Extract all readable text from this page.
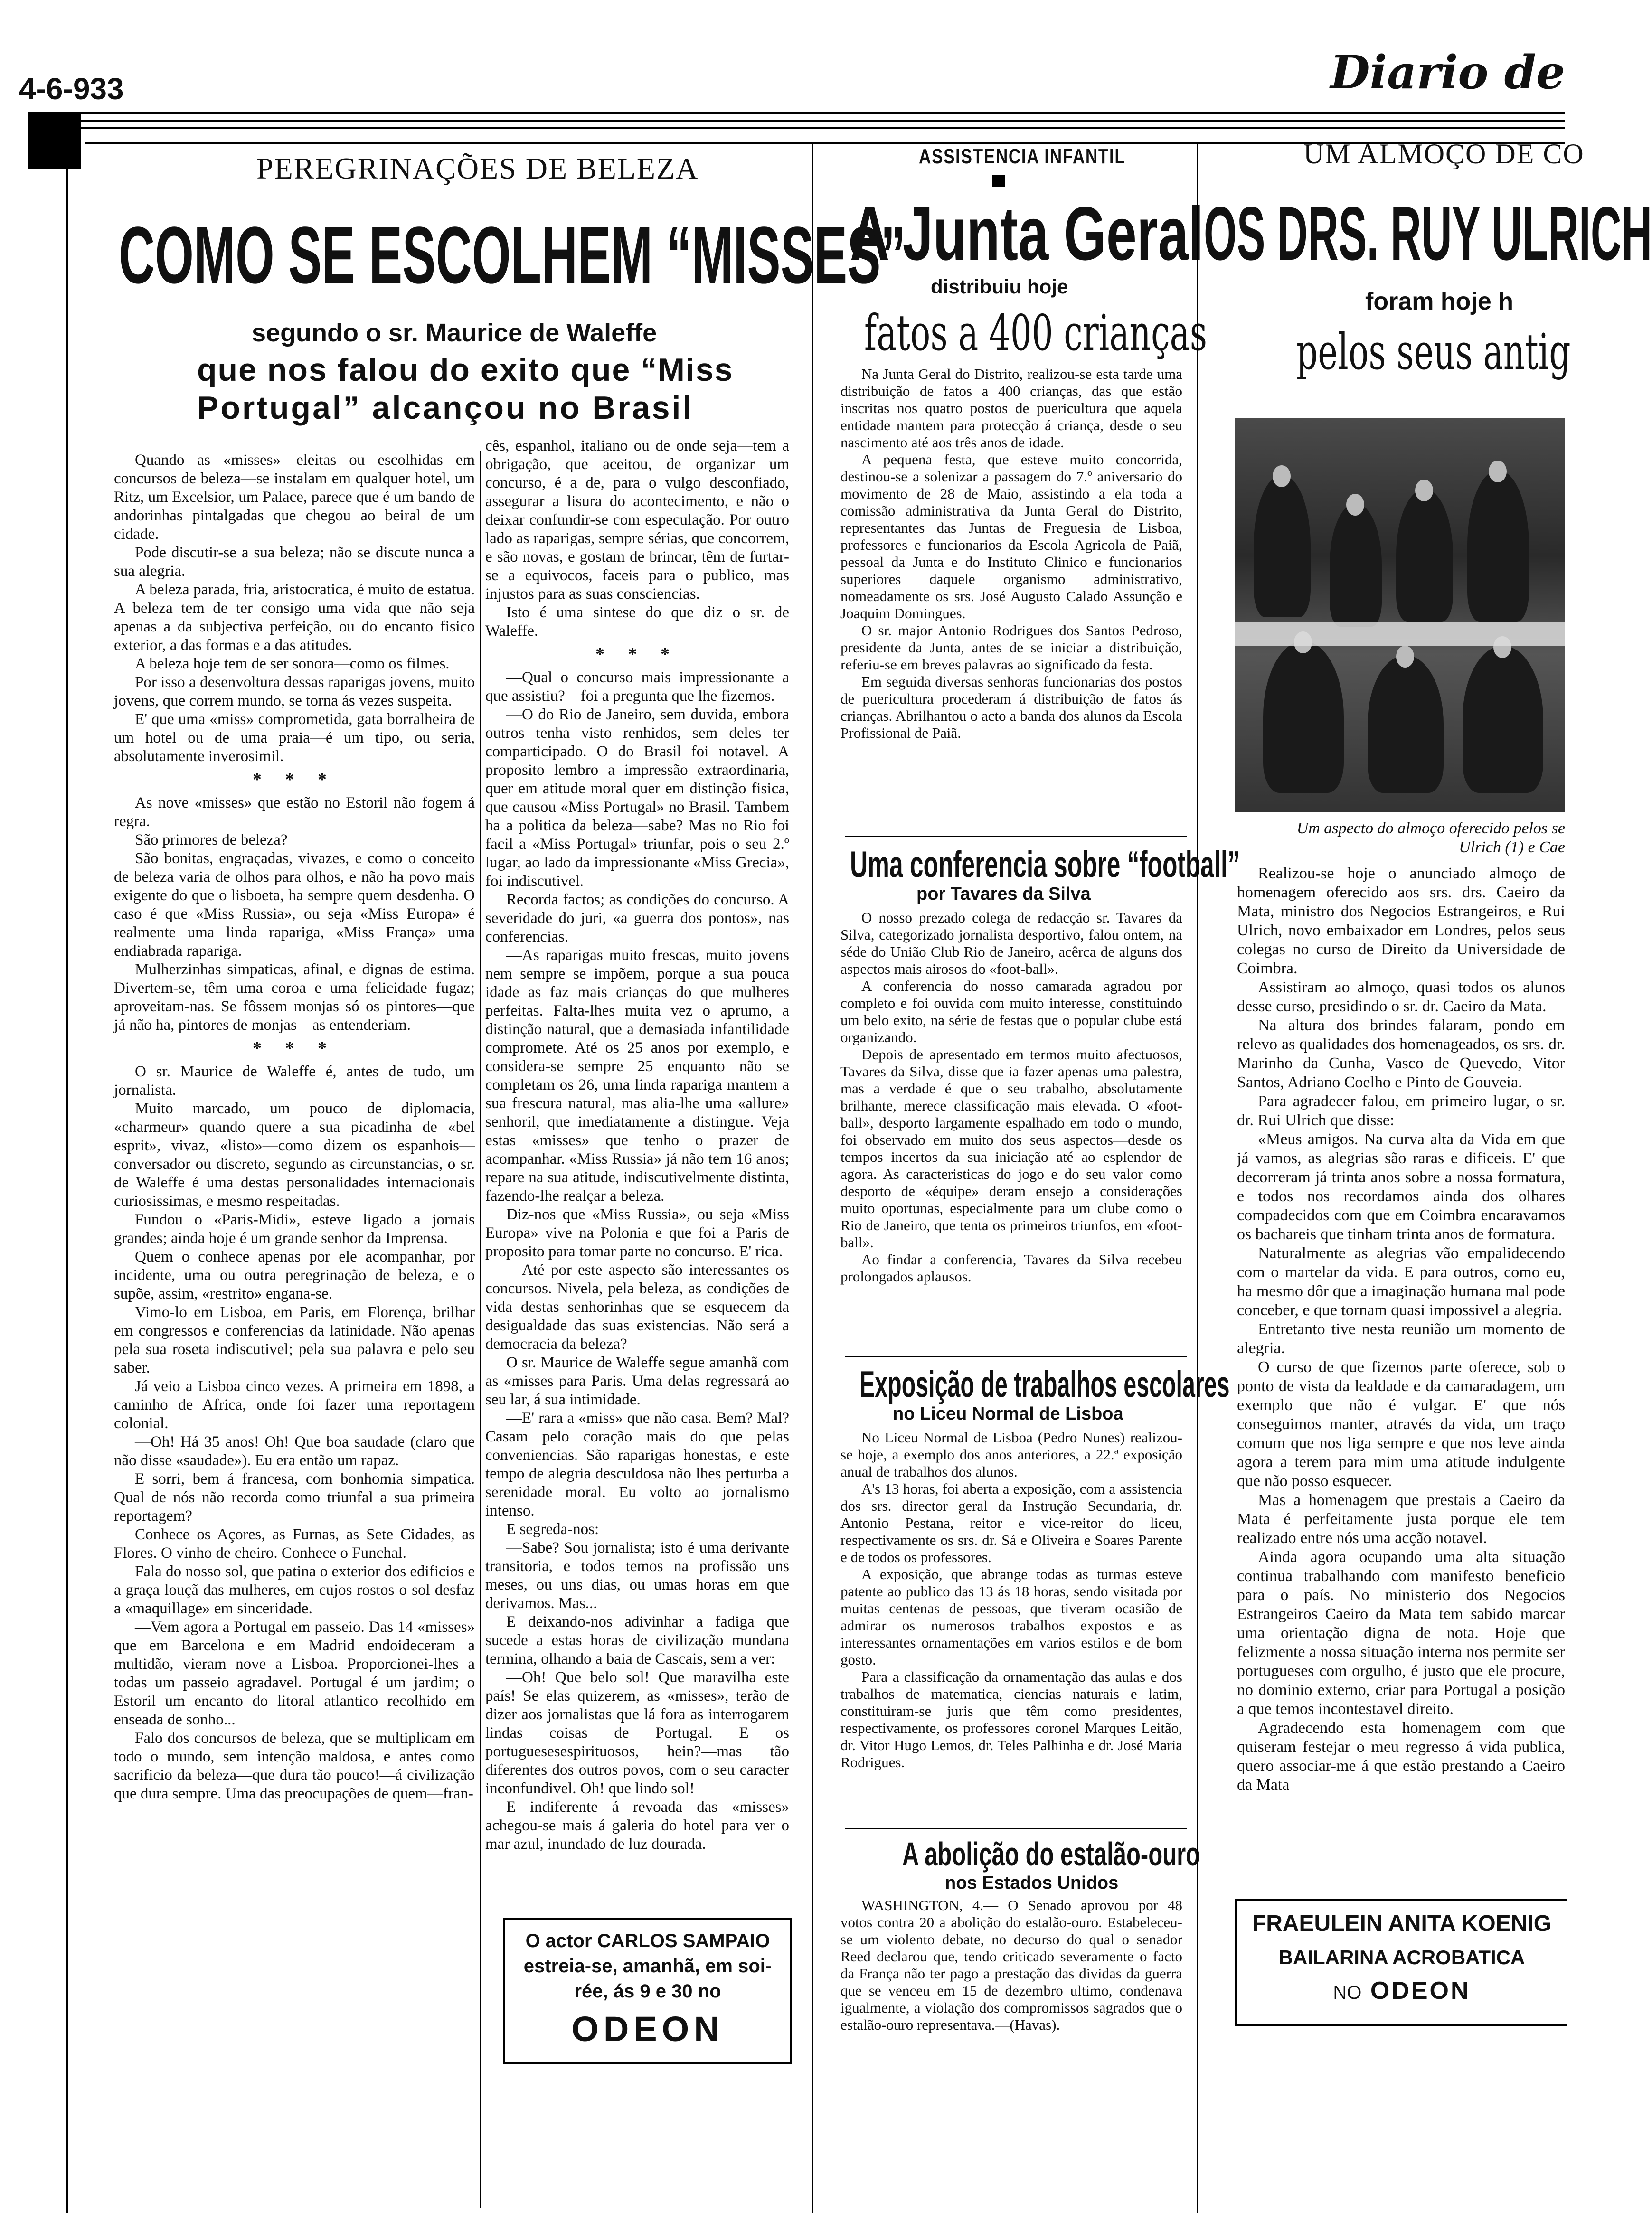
4-6-933	Diario de
PEREGRINAÇÕES DE BELEZA
COMO SE ESCOLHEM “MISSES”
segundo o sr. Maurice de Waleffe
que nos falou do exito que “Miss
Portugal” alcançou no Brasil

Quando as «misses»—eleitas ou escolhidas em concursos de beleza—se instalam em qualquer hotel, um Ritz, um Excelsior, um Palace, parece que é um bando de andorinhas pintalgadas que chegou ao beiral de um cidade.

Pode discutir-se a sua beleza; não se discute nunca a sua alegria.

A beleza parada, fria, aristocratica, é muito de estatua. A beleza tem de ter consigo uma vida que não seja apenas a da subjectiva perfeição, ou do encanto fisico exterior, a das formas e a das atitudes.

A beleza hoje tem de ser sonora—como os filmes.

Por isso a desenvoltura dessas raparigas jovens, muito jovens, que correm mundo, se torna ás vezes suspeita.

E' que uma «miss» comprometida, gata borralheira de um hotel ou de uma praia—é um tipo, ou seria, absolutamente inverosimil.

* * *

As nove «misses» que estão no Estoril não fogem á regra.

São primores de beleza?

São bonitas, engraçadas, vivazes, e como o conceito de beleza varia de olhos para olhos, e não ha povo mais exigente do que o lisboeta, ha sempre quem desdenha. O caso é que «Miss Russia», ou seja «Miss Europa» é realmente uma linda rapariga, «Miss França» uma endiabrada rapariga.

Mulherzinhas simpaticas, afinal, e dignas de estima. Divertem-se, têm uma coroa e uma felicidade fugaz; aproveitam-nas. Se fôssem monjas só os pintores—que já não ha, pintores de monjas—as entenderiam.

* * *

O sr. Maurice de Waleffe é, antes de tudo, um jornalista.

Muito marcado, um pouco de diplomacia, «charmeur» quando quere a sua picadinha de «bel esprit», vivaz, «listo»—como dizem os espanhois—conversador ou discreto, segundo as circunstancias, o sr. de Waleffe é uma destas personalidades internacionais curiosissimas, e mesmo respeitadas.

Fundou o «Paris-Midi», esteve ligado a jornais grandes; ainda hoje é um grande senhor da Imprensa.

Quem o conhece apenas por ele acompanhar, por incidente, uma ou outra peregrinação de beleza, e o supõe, assim, «restrito» engana-se.

Vimo-lo em Lisboa, em Paris, em Florença, brilhar em congressos e conferencias da latinidade. Não apenas pela sua roseta indiscutivel; pela sua palavra e pelo seu saber.

Já veio a Lisboa cinco vezes. A primeira em 1898, a caminho de Africa, onde foi fazer uma reportagem colonial.

—Oh! Há 35 anos! Oh! Que boa saudade (claro que não disse «saudade»). Eu era então um rapaz.

E sorri, bem á francesa, com bonhomia simpatica. Qual de nós não recorda como triunfal a sua primeira reportagem?

Conhece os Açores, as Furnas, as Sete Cidades, as Flores. O vinho de cheiro. Conhece o Funchal.

Fala do nosso sol, que patina o exterior dos edificios e a graça louçã das mulheres, em cujos rostos o sol desfaz a «maquillage» em sinceridade.

—Vem agora a Portugal em passeio. Das 14 «misses» que em Barcelona e em Madrid endoideceram a multidão, vieram nove a Lisboa. Proporcionei-lhes a todas um passeio agradavel. Portugal é um jardim; o Estoril um encanto do litoral atlantico recolhido em enseada de sonho...

Falo dos concursos de beleza, que se multiplicam em todo o mundo, sem intenção maldosa, e antes como sacrificio da beleza—que dura tão pouco!—á civilização que dura sempre. Uma das preocupações de quem—fran-

cês, espanhol, italiano ou de onde seja—tem a obrigação, que aceitou, de organizar um concurso, é a de, para o vulgo desconfiado, assegurar a lisura do acontecimento, e não o deixar confundir-se com especulação. Por outro lado as raparigas, sempre sérias, que concorrem, e são novas, e gostam de brincar, têm de furtar-se a equivocos, faceis para o publico, mas injustos para as suas consciencias.

Isto é uma sintese do que diz o sr. de Waleffe.

* * *

—Qual o concurso mais impressionante a que assistiu?—foi a pregunta que lhe fizemos.

—O do Rio de Janeiro, sem duvida, embora outros tenha visto renhidos, sem deles ter comparticipado. O do Brasil foi notavel. A proposito lembro a impressão extraordinaria, quer em atitude moral quer em distinção fisica, que causou «Miss Portugal» no Brasil. Tambem ha a politica da beleza—sabe? Mas no Rio foi facil a «Miss Portugal» triunfar, pois o seu 2.º lugar, ao lado da impressionante «Miss Grecia», foi indiscutivel.

Recorda factos; as condições do concurso. A severidade do juri, «a guerra dos pontos», nas conferencias.

—As raparigas muito frescas, muito jovens nem sempre se impõem, porque a sua pouca idade as faz mais crianças do que mulheres perfeitas. Falta-lhes muita vez o aprumo, a distinção natural, que a demasiada infantilidade compromete. Até os 25 anos por exemplo, e considera-se sempre 25 enquanto não se completam os 26, uma linda rapariga mantem a sua frescura natural, mas alia-lhe uma «allure» senhoril, que imediatamente a distingue. Veja estas «misses» que tenho o prazer de acompanhar. «Miss Russia» já não tem 16 anos; repare na sua atitude, indiscutivelmente distinta, fazendo-lhe realçar a beleza.

Diz-nos que «Miss Russia», ou seja «Miss Europa» vive na Polonia e que foi a Paris de proposito para tomar parte no concurso. E' rica.

—Até por este aspecto são interessantes os concursos. Nivela, pela beleza, as condições de vida destas senhorinhas que se esquecem da desigualdade das suas existencias. Não será a democracia da beleza?

O sr. Maurice de Waleffe segue amanhã com as «misses para Paris. Uma delas regressará ao seu lar, á sua intimidade.

—E' rara a «miss» que não casa. Bem? Mal? Casam pelo coração mais do que pelas conveniencias. São raparigas honestas, e este tempo de alegria desculdosa não lhes perturba a serenidade moral. Eu volto ao jornalismo intenso.

E segreda-nos:

—Sabe? Sou jornalista; isto é uma derivante transitoria, e todos temos na profissão uns meses, ou uns dias, ou umas horas em que derivamos. Mas...

E deixando-nos adivinhar a fadiga que sucede a estas horas de civilização mundana termina, olhando a baia de Cascais, sem a ver:

—Oh! Que belo sol! Que maravilha este país! Se elas quizerem, as «misses», terão de dizer aos jornalistas que lá fora as interrogarem lindas coisas de Portugal. E os portuguesesespirituosos, hein?—mas tão diferentes dos outros povos, com o seu caracter inconfundivel. Oh! que lindo sol!

E indiferente á revoada das «misses» achegou-se mais á galeria do hotel para ver o mar azul, inundado de luz dourada.

O actor CARLOS SAMPAIO
estreia-se, amanhã, em soi-
rée, ás 9 e 30 no
ODEON
ASSISTENCIA INFANTIL
A Junta Geral
distribuiu hoje
fatos a 400 crianças

Na Junta Geral do Distrito, realizou-se esta tarde uma distribuição de fatos a 400 crianças, das que estão inscritas nos quatro postos de puericultura que aquela entidade mantem para protecção á criança, desde o seu nascimento até aos três anos de idade.

A pequena festa, que esteve muito concorrida, destinou-se a solenizar a passagem do 7.º aniversario do movimento de 28 de Maio, assistindo a ela toda a comissão administrativa da Junta Geral do Distrito, representantes das Juntas de Freguesia de Lisboa, professores e funcionarios da Escola Agricola de Paiã, pessoal da Junta e do Instituto Clinico e funcionarios superiores daquele organismo administrativo, nomeadamente os srs. José Augusto Calado Assunção e Joaquim Domingues.

O sr. major Antonio Rodrigues dos Santos Pedroso, presidente da Junta, antes de se iniciar a distribuição, referiu-se em breves palavras ao significado da festa.

Em seguida diversas senhoras funcionarias dos postos de puericultura procederam á distribuição de fatos ás crianças. Abrilhantou o acto a banda dos alunos da Escola Profissional de Paiã.

Uma conferencia sobre “football”
por Tavares da Silva

O nosso prezado colega de redacção sr. Tavares da Silva, categorizado jornalista desportivo, falou ontem, na séde do União Club Rio de Janeiro, acêrca de alguns dos aspectos mais airosos do «foot-ball».

A conferencia do nosso camarada agradou por completo e foi ouvida com muito interesse, constituindo um belo exito, na série de festas que o popular clube está organizando.

Depois de apresentado em termos muito afectuosos, Tavares da Silva, disse que ia fazer apenas uma palestra, mas a verdade é que o seu trabalho, absolutamente brilhante, merece classificação mais elevada. O «foot-ball», desporto largamente espalhado em todo o mundo, foi observado em muito dos seus aspectos—desde os tempos incertos da sua iniciação até ao esplendor de agora. As caracteristicas do jogo e do seu valor como desporto de «équipe» deram ensejo a considerações muito oportunas, especialmente para um clube como o Rio de Janeiro, que tenta os primeiros triunfos, em «foot-ball».

Ao findar a conferencia, Tavares da Silva recebeu prolongados aplausos.

Exposição de trabalhos escolares
no Liceu Normal de Lisboa

No Liceu Normal de Lisboa (Pedro Nunes) realizou-se hoje, a exemplo dos anos anteriores, a 22.ª exposição anual de trabalhos dos alunos.

A's 13 horas, foi aberta a exposição, com a assistencia dos srs. director geral da Instrução Secundaria, dr. Antonio Pestana, reitor e vice-reitor do liceu, respectivamente os srs. dr. Sá e Oliveira e Soares Parente e de todos os professores.

A exposição, que abrange todas as turmas esteve patente ao publico das 13 ás 18 horas, sendo visitada por muitas centenas de pessoas, que tiveram ocasião de admirar os numerosos trabalhos expostos e as interessantes ornamentações em varios estilos e de bom gosto.

Para a classificação da ornamentação das aulas e dos trabalhos de matematica, ciencias naturais e latim, constituiram-se juris que têm como presidentes, respectivamente, os professores coronel Marques Leitão, dr. Vitor Hugo Lemos, dr. Teles Palhinha e dr. José Maria Rodrigues.

A abolição do estalão-ouro
nos Estados Unidos

WASHINGTON, 4.— O Senado aprovou por 48 votos contra 20 a abolição do estalão-ouro. Estabeleceu-se um violento debate, no decurso do qual o senador Reed declarou que, tendo criticado severamente o facto da França não ter pago a prestação das dividas da guerra que se venceu em 15 de dezembro ultimo, condenava igualmente, a violação dos compromissos sagrados que o estalão-ouro representava.—(Havas).

UM ALMOÇO DE CO
OS DRS. RUY ULRICH
foram hoje h
pelos seus antig
Um aspecto do almoço oferecido pelos se
Ulrich (1) e Cae

Realizou-se hoje o anunciado almoço de homenagem oferecido aos srs. drs. Caeiro da Mata, ministro dos Negocios Estrangeiros, e Rui Ulrich, novo embaixador em Londres, pelos seus colegas no curso de Direito da Universidade de Coimbra.

Assistiram ao almoço, quasi todos os alunos desse curso, presidindo o sr. dr. Caeiro da Mata.

Na altura dos brindes falaram, pondo em relevo as qualidades dos homenageados, os srs. dr. Marinho da Cunha, Vasco de Quevedo, Vitor Santos, Adriano Coelho e Pinto de Gouveia.

Para agradecer falou, em primeiro lugar, o sr. dr. Rui Ulrich que disse:

«Meus amigos. Na curva alta da Vida em que já vamos, as alegrias são raras e dificeis. E' que decorreram já trinta anos sobre a nossa formatura, e todos nos recordamos ainda dos olhares compadecidos com que em Coimbra encaravamos os bachareis que tinham trinta anos de formatura.

Naturalmente as alegrias vão empalidecendo com o martelar da vida. E para outros, como eu, ha mesmo dôr que a imaginação humana mal pode conceber, e que tornam quasi impossivel a alegria.

Entretanto tive nesta reunião um momento de alegria.

O curso de que fizemos parte oferece, sob o ponto de vista da lealdade e da camaradagem, um exemplo que não é vulgar. E' que nós conseguimos manter, através da vida, um traço comum que nos liga sempre e que nos leve ainda agora a terem para mim uma atitude indulgente que não posso esquecer.

Mas a homenagem que prestais a Caeiro da Mata é perfeitamente justa porque ele tem realizado entre nós uma acção notavel.

Ainda agora ocupando uma alta situação continua trabalhando com manifesto beneficio para o país. No ministerio dos Negocios Estrangeiros Caeiro da Mata tem sabido marcar uma orientação digna de nota. Hoje que felizmente a nossa situação interna nos permite ser portugueses com orgulho, é justo que ele procure, no dominio externo, criar para Portugal a posição a que temos incontestavel direito.

Agradecendo esta homenagem com que quiseram festejar o meu regresso á vida publica, quero associar-me á que estão prestando a Caeiro da Mata

FRAEULEIN ANITA KOENIG
BAILARINA ACROBATICA
NO ODEON
